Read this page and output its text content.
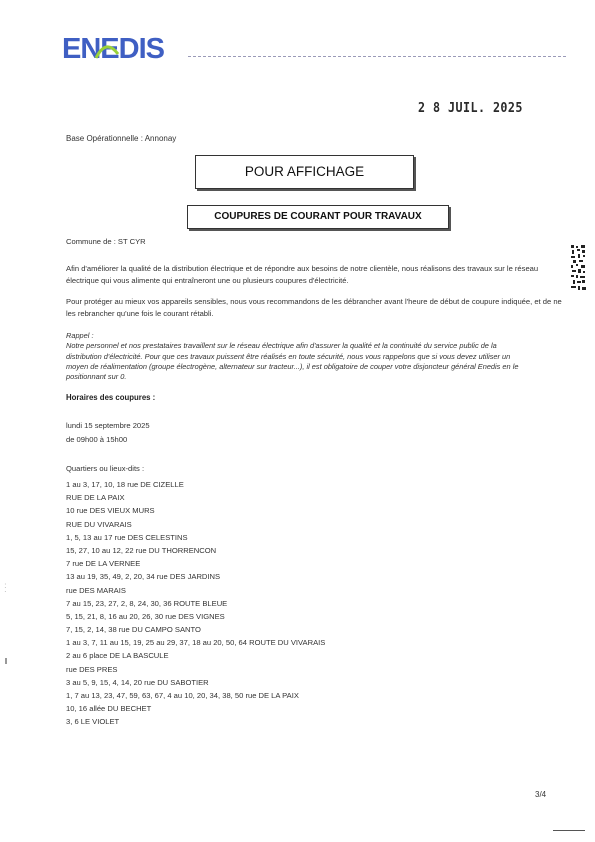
ENEDIS
2 8 JUIL. 2025
Base Opérationnelle : Annonay
POUR AFFICHAGE
COUPURES DE COURANT POUR TRAVAUX
Commune de : ST CYR
Afin d'améliorer la qualité de la distribution électrique et de répondre aux besoins de notre clientèle, nous réalisons des travaux sur le réseau électrique qui vous alimente qui entraîneront une ou plusieurs coupures d'électricité.
Pour protéger au mieux vos appareils sensibles, nous vous recommandons de les débrancher avant l'heure de début de coupure indiquée, et de ne les rebrancher qu'une fois le courant rétabli.
Rappel :
Notre personnel et nos prestataires travaillent sur le réseau électrique afin d'assurer la qualité et la continuité du service public de la distribution d'électricité. Pour que ces travaux puissent être réalisés en toute sécurité, nous vous rappelons que si vous devez utiliser un moyen de réalimentation (groupe électrogène, alternateur sur tracteur...), il est obligatoire de couper votre disjoncteur général Enedis en le positionnant sur 0.
Horaires des coupures :
lundi 15 septembre 2025
de 09h00 à 15h00
Quartiers ou lieux-dits :
1 au 3, 17, 10, 18 rue DE CIZELLE
RUE DE LA PAIX
10 rue DES VIEUX MURS
RUE DU VIVARAIS
1, 5, 13 au 17 rue DES CELESTINS
15, 27, 10 au 12, 22 rue DU THORRENCON
7 rue DE LA VERNEE
13 au 19, 35, 49, 2, 20, 34 rue DES JARDINS
rue DES MARAIS
7 au 15, 23, 27, 2, 8, 24, 30, 36 ROUTE BLEUE
5, 15, 21, 8, 16 au 20, 26, 30 rue DES VIGNES
7, 15, 2, 14, 38 rue DU CAMPO SANTO
1 au 3, 7, 11 au 15, 19, 25 au 29, 37, 18 au 20, 50, 64 ROUTE DU VIVARAIS
2 au 6 place DE LA BASCULE
rue DES PRES
3 au 5, 9, 15, 4, 14, 20 rue DU SABOTIER
1, 7 au 13, 23, 47, 59, 63, 67, 4 au 10, 20, 34, 38, 50 rue DE LA PAIX
10, 16 allée DU BECHET
3, 6 LE VIOLET
· · ·
3/4
